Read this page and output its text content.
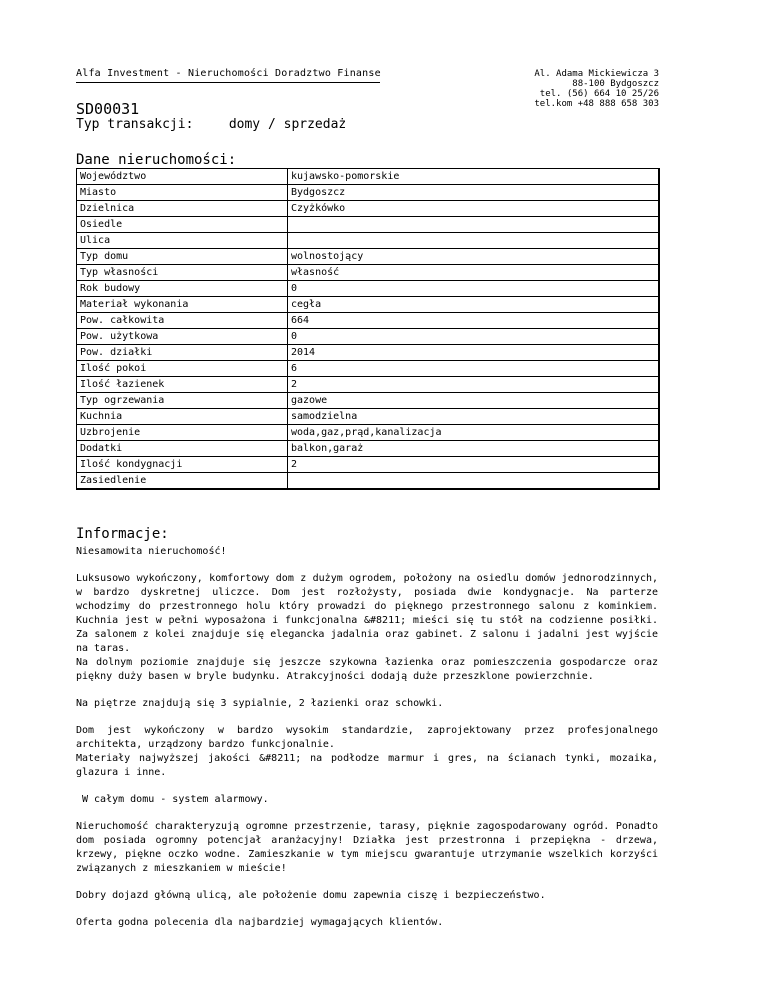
Alfa Investment - Nieruchomości Doradztwo Finanse
SD00031
Al. Adama Mickiewicza 3
88-100 Bydgoszcz
tel. (56) 664 10 25/26
tel.kom +48 888 658 303
Typ transakcji:	domy / sprzedaż
Dane nieruchomości:
Województwo	kujawsko-pomorskie
Miasto	Bydgoszcz
Dzielnica	Czyżkówko
Osiedle	
Ulica	
Typ domu	wolnostojący
Typ własności	własność
Rok budowy	0
Materiał wykonania	cegła
Pow. całkowita	664
Pow. użytkowa	0
Pow. działki	2014
Ilość pokoi	6
Ilość łazienek	2
Typ ogrzewania	gazowe
Kuchnia	samodzielna
Uzbrojenie	woda,gaz,prąd,kanalizacja
Dodatki	balkon,garaż
Ilość kondygnacji	2
Zasiedlenie	
Informacje:

Niesamowita nieruchomość!

Luksusowo wykończony, komfortowy dom z dużym ogrodem, położony na osiedlu domów jednorodzinnych, w bardzo dyskretnej uliczce. Dom jest rozłożysty, posiada dwie kondygnacje. Na parterze wchodzimy do przestronnego holu który prowadzi do pięknego przestronnego salonu z kominkiem. Kuchnia jest w pełni wyposażona i funkcjonalna &#8211; mieści się tu stół na codzienne posiłki. Za salonem z kolei znajduje się elegancka jadalnia oraz gabinet. Z salonu i jadalni jest wyjście na taras.

Na dolnym poziomie znajduje się jeszcze szykowna łazienka oraz pomieszczenia gospodarcze oraz piękny duży basen w bryle budynku. Atrakcyjności dodają duże przeszklone powierzchnie.

Na piętrze znajdują się 3 sypialnie, 2 łazienki oraz schowki.

Dom jest wykończony w bardzo wysokim standardzie, zaprojektowany przez profesjonalnego architekta, urządzony bardzo funkcjonalnie.

Materiały najwyższej jakości &#8211; na podłodze marmur i gres, na ścianach tynki, mozaika, glazura i inne.

W całym domu - system alarmowy.

Nieruchomość charakteryzują ogromne przestrzenie, tarasy, pięknie zagospodarowany ogród. Ponadto dom posiada ogromny potencjał aranżacyjny! Działka jest przestronna i przepiękna - drzewa, krzewy, piękne oczko wodne. Zamieszkanie w tym miejscu gwarantuje utrzymanie wszelkich korzyści związanych z mieszkaniem w mieście!

Dobry dojazd główną ulicą, ale położenie domu zapewnia ciszę i bezpieczeństwo.

Oferta godna polecenia dla najbardziej wymagających klientów.
